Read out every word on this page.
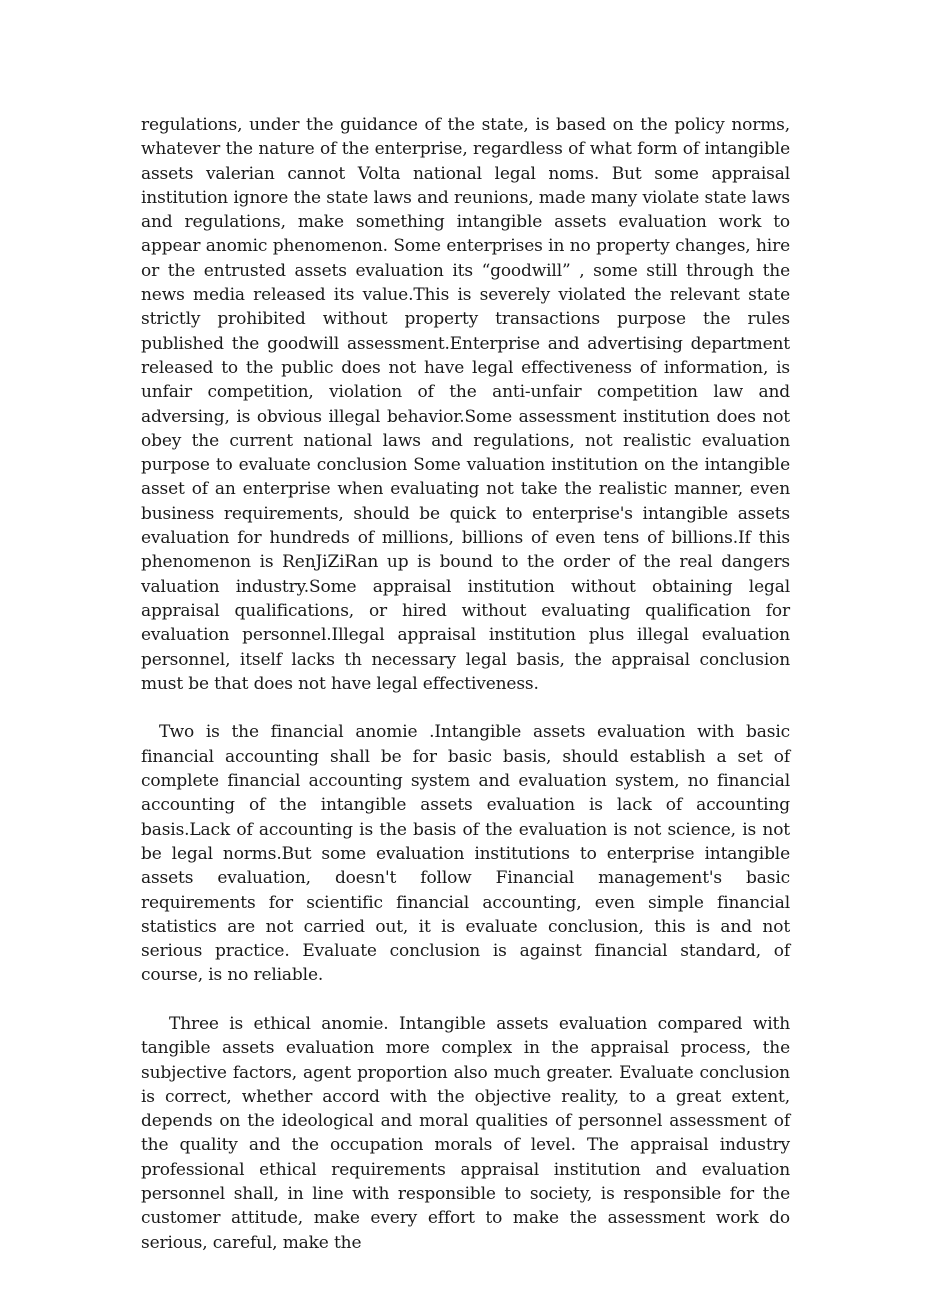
regulations, under the guidance of the state, is based on the policy norms, whatever the nature of the enterprise, regardless of what form of intangible assets valerian cannot Volta national legal noms. But some appraisal institution ignore the state laws and reunions, made many violate state laws and regulations, make something intangible assets evaluation work to appear anomic phenomenon. Some enterprises in no property changes, hire or the entrusted assets evaluation its “goodwill” , some still through the news media released its value.This is severely violated the relevant state strictly prohibited without property transactions purpose the rules published the goodwill assessment.Enterprise and advertising department released to the public does not have legal effectiveness of information, is unfair competition, violation of the anti-unfair competition law and adversing, is obvious illegal behavior.Some assessment institution does not obey the current national laws and regulations, not realistic evaluation purpose to evaluate conclusion Some valuation institution on the intangible asset of an enterprise when evaluating not take the realistic manner, even business requirements, should be quick to enterprise's intangible assets evaluation for hundreds of millions, billions of even tens of billions.If this phenomenon is RenJiZiRan up is bound to the order of the real dangers valuation industry.Some appraisal institution without obtaining legal appraisal qualifications, or hired without evaluating qualification for evaluation personnel.Illegal appraisal institution plus illegal evaluation personnel, itself lacks th necessary legal basis, the appraisal conclusion must be that does not have legal effectiveness.

Two is the financial anomie .Intangible assets evaluation with basic financial accounting shall be for basic basis, should establish a set of complete financial accounting system and evaluation system, no financial accounting of the intangible assets evaluation is lack of accounting basis.Lack of accounting is the basis of the evaluation is not science, is not be legal norms.But some evaluation institutions to enterprise intangible assets evaluation, doesn't follow Financial management's basic requirements for scientific financial accounting, even simple financial statistics are not carried out, it is evaluate conclusion, this is and not serious practice. Evaluate conclusion is against financial standard, of course, is no reliable.

Three is ethical anomie. Intangible assets evaluation compared with tangible assets evaluation more complex in the appraisal process, the subjective factors, agent proportion also much greater. Evaluate conclusion is correct, whether accord with the objective reality, to a great extent, depends on the ideological and moral qualities of personnel assessment of the quality and the occupation morals of level. The appraisal industry professional ethical requirements appraisal institution and evaluation personnel shall, in line with responsible to society, is responsible for the customer attitude, make every effort to make the assessment work do serious, careful, make the
